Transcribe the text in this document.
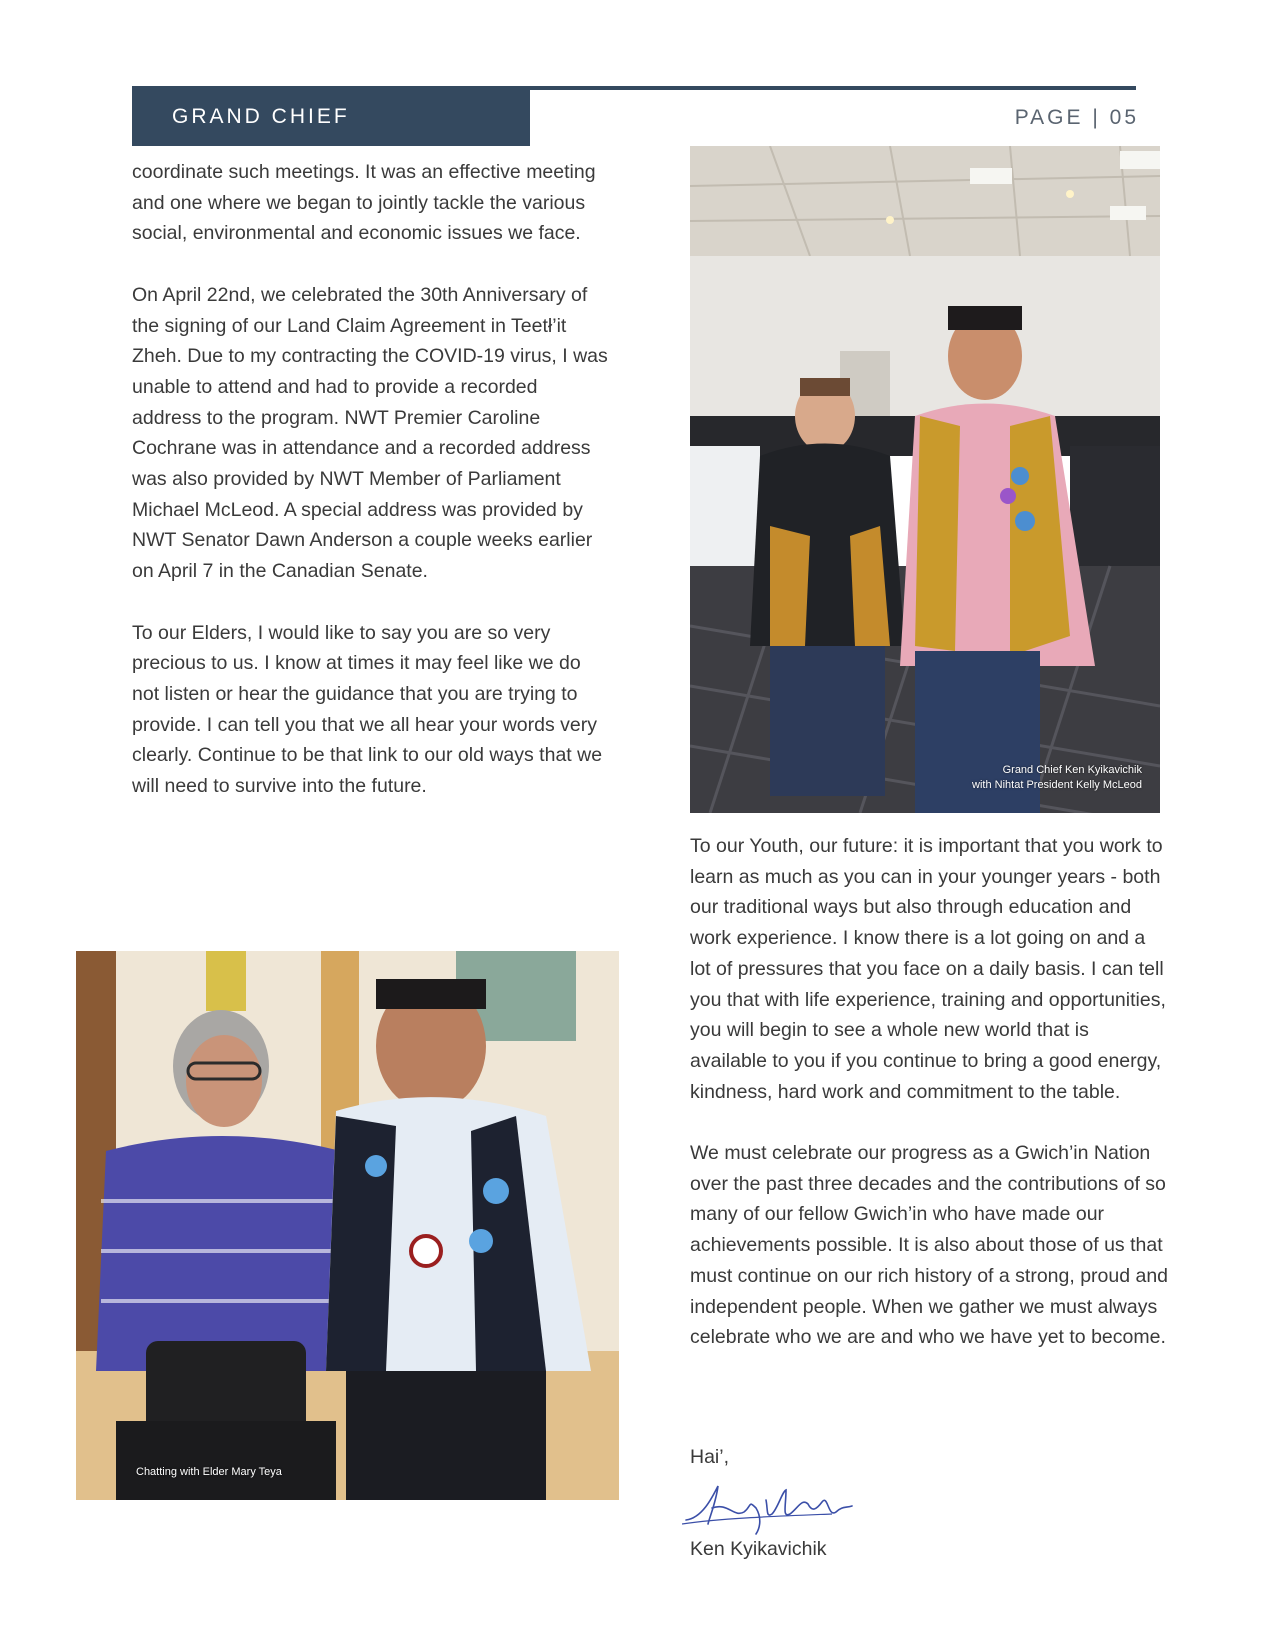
GRAND CHIEF	PAGE | 05

coordinate such meetings. It was an effective meeting and one where we began to jointly tackle the various social, environmental and economic issues we face.

On April 22nd, we celebrated the 30th Anniversary of the signing of our Land Claim Agreement in Teetł’it Zheh. Due to my contracting the COVID-19 virus, I was unable to attend and had to provide a recorded address to the program. NWT Premier Caroline Cochrane was in attendance and a recorded address was also provided by NWT Member of Parliament Michael McLeod. A special address was provided by NWT Senator Dawn Anderson a couple weeks earlier on April 7 in the Canadian Senate.

To our Elders, I would like to say you are so very precious to us. I know at times it may feel like we do not listen or hear the guidance that you are trying to provide. I can tell you that we all hear your words very clearly. Continue to be that link to our old ways that we will need to survive into the future.

Grand Chief Ken Kyikavichik
with Nihtat President Kelly McLeod
Chatting with Elder Mary Teya

To our Youth, our future: it is important that you work to learn as much as you can in your younger years - both our traditional ways but also through education and work experience. I know there is a lot going on and a lot of pressures that you face on a daily basis. I can tell you that with life experience, training and opportunities, you will begin to see a whole new world that is available to you if you continue to bring a good energy, kindness, hard work and commitment to the table.

We must celebrate our progress as a Gwich’in Nation over the past three decades and the contributions of so many of our fellow Gwich’in who have made our achievements possible. It is also about those of us that must continue on our rich history of a strong, proud and independent people. When we gather we must always celebrate who we are and who we have yet to become.

Hai’,
Ken Kyikavichik
